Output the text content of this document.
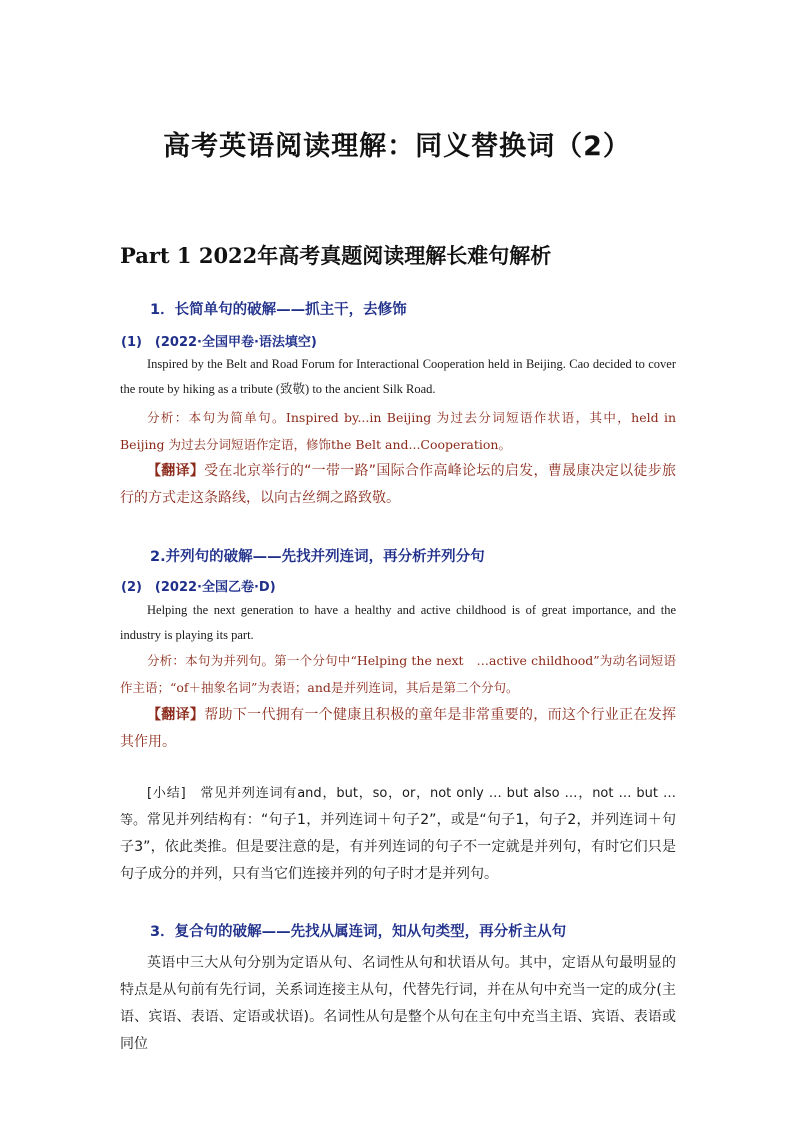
高考英语阅读理解：同义替换词（2）
Part 1 2022年高考真题阅读理解长难句解析
1．长简单句的破解——抓主干，去修饰
(1)　(2022·全国甲卷·语法填空)
Inspired by the Belt and Road Forum for Interactional Cooperation held in Beijing. Cao decided to cover the route by hiking as a tribute (致敬) to the ancient Silk Road.
分析：本句为简单句。Inspired by...in Beijing 为过去分词短语作状语，其中，held in Beijing 为过去分词短语作定语，修饰the Belt and...Cooperation。
【翻译】受在北京举行的“一带一路”国际合作高峰论坛的启发，曹晟康决定以徒步旅行的方式走这条路线，以向古丝绸之路致敬。
2.并列句的破解——先找并列连词，再分析并列分句
(2)　(2022·全国乙卷·D)
Helping the next generation to have a healthy and active childhood is of great importance, and the industry is playing its part.
分析：本句为并列句。第一个分句中“Helping the next　…active childhood”为动名词短语作主语；“of＋抽象名词”为表语；and是并列连词，其后是第二个分句。
【翻译】帮助下一代拥有一个健康且积极的童年是非常重要的，而这个行业正在发挥其作用。
[小结]　常见并列连词有and，but，so，or，not only … but also …，not … but …等。 常见并列结构有：“句子1，并列连词＋句子2”，或是“句子1，句子2，并列连词＋句子3”，依此类推。但是要注意的是，有并列连词的句子不一定就是并列句，有时它们只是句子成分的并列，只有当它们连接并列的句子时才是并列句。
3．复合句的破解——先找从属连词，知从句类型，再分析主从句
英语中三大从句分别为定语从句、名词性从句和状语从句。其中，定语从句最明显的特点是从句前有先行词，关系词连接主从句，代替先行词，并在从句中充当一定的成分(主语、宾语、表语、定语或状语)。名词性从句是整个从句在主句中充当主语、宾语、表语或同位
